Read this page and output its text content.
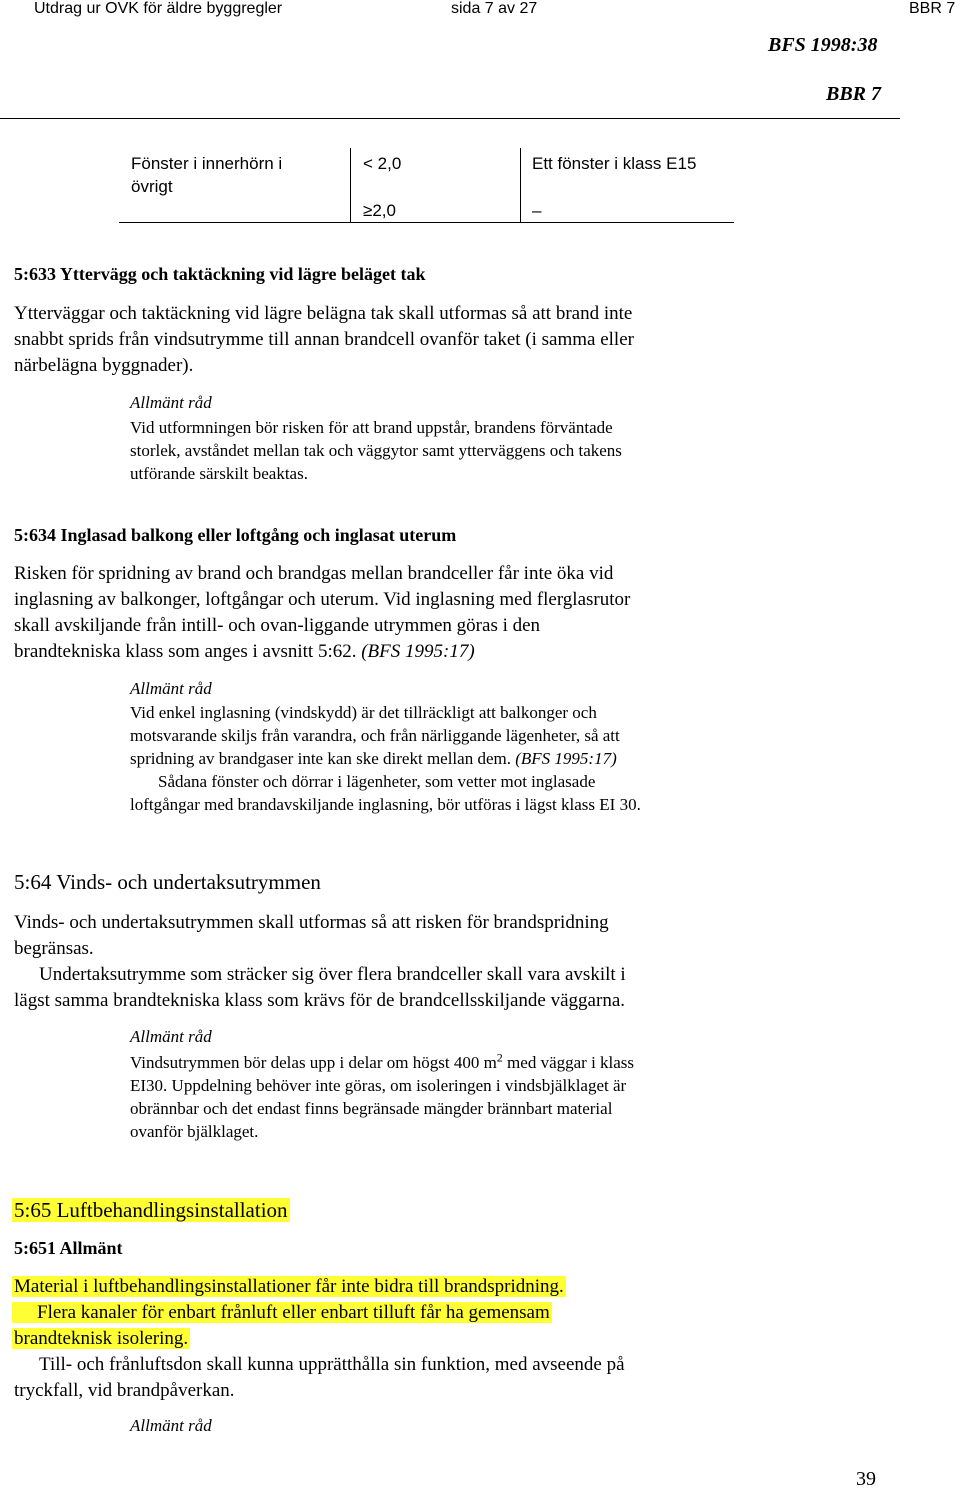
Utdrag ur OVK för äldre byggregler	sida 7 av 27	BBR 7
BFS 1998:38
BBR 7
Fönster i innerhörn i
övrigt
< 2,0
≥2,0
Ett fönster i klass E15
–
5:633 Yttervägg och taktäckning vid lägre beläget tak
Ytterväggar och taktäckning vid lägre belägna tak skall utformas så att brand inte
snabbt sprids från vindsutrymme till annan brandcell ovanför taket (i samma eller
närbelägna byggnader).
Allmänt råd
Vid utformningen bör risken för att brand uppstår, brandens förväntade
storlek, avståndet mellan tak och väggytor samt ytterväggens och takens
utförande särskilt beaktas.
5:634 Inglasad balkong eller loftgång och inglasat uterum
Risken för spridning av brand och brandgas mellan brandceller får inte öka vid
inglasning av balkonger, loftgångar och uterum. Vid inglasning med flerglasrutor
skall avskiljande från intill- och ovan-liggande utrymmen göras i den
brandtekniska klass som anges i avsnitt 5:62. (BFS 1995:17)
Allmänt råd
Vid enkel inglasning (vindskydd) är det tillräckligt att balkonger och
motsvarande skiljs från varandra, och från närliggande lägenheter, så att
spridning av brandgaser inte kan ske direkt mellan dem. (BFS 1995:17)
Sådana fönster och dörrar i lägenheter, som vetter mot inglasade
loftgångar med brandavskiljande inglasning, bör utföras i lägst klass EI 30.
5:64 Vinds- och undertaksutrymmen
Vinds- och undertaksutrymmen skall utformas så att risken för brandspridning
begränsas.
Undertaksutrymme som sträcker sig över flera brandceller skall vara avskilt i
lägst samma brandtekniska klass som krävs för de brandcellsskiljande väggarna.
Allmänt råd
Vindsutrymmen bör delas upp i delar om högst 400 $m^2$ med väggar i klass
EI30. Uppdelning behöver inte göras, om isoleringen i vindsbjälklaget är
obrännbar och det endast finns begränsade mängder brännbart material
ovanför bjälklaget.
5:65 Luftbehandlingsinstallation
5:651 Allmänt
Material i luftbehandlingsinstallationer får inte bidra till brandspridning.
Flera kanaler för enbart frånluft eller enbart tilluft får ha gemensam
brandteknisk isolering.
Till- och frånluftsdon skall kunna upprätthålla sin funktion, med avseende på
tryckfall, vid brandpåverkan.
Allmänt råd
39
